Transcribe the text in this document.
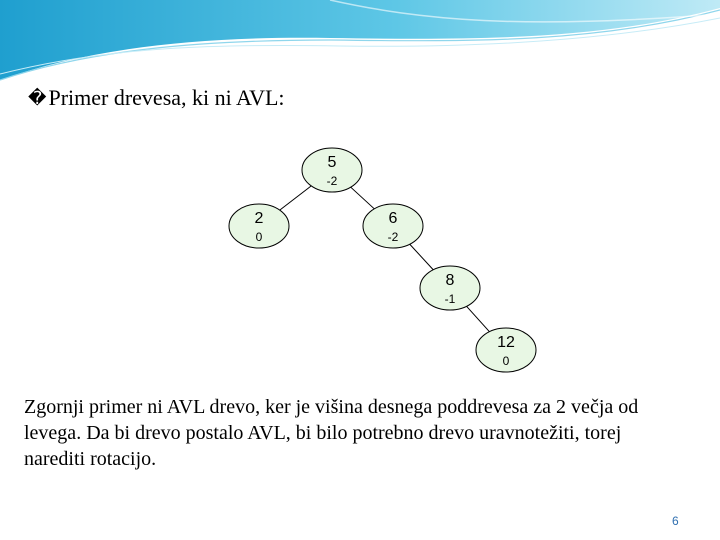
� Primer drevesa, ki ni AVL:
5
-2
2
0
6
-2
8
-1
12
0
Zgornji primer ni AVL drevo, ker je višina desnega poddrevesa za 2 večja od levega. Da bi drevo postalo AVL, bi bilo potrebno drevo uravnotežiti, torej narediti rotacijo.
6
